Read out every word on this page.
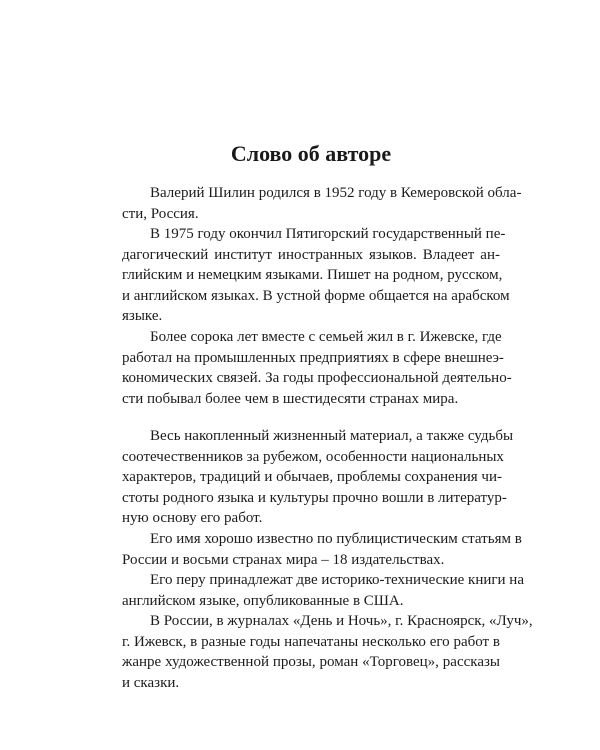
Слово об авторе

Валерий Шилин родился в 1952 году в Кемеровской обла-
сти, Россия.

В 1975 году окончил Пятигорский государственный пе-
дагогический институт иностранных языков. Владеет ан-
глийским и немецким языками. Пишет на родном, русском,
и английском языках. В устной форме общается на арабском
языке.

Более сорока лет вместе с семьей жил в г. Ижевске, где
работал на промышленных предприятиях в сфере внешнеэ-
кономических связей. За годы профессиональной деятельно-
сти побывал более чем в шестидесяти странах мира.

Весь накопленный жизненный материал, а также судьбы
соотечественников за рубежом, особенности национальных
характеров, традиций и обычаев, проблемы сохранения чи-
стоты родного языка и культуры прочно вошли в литератур-
ную основу его работ.

Его имя хорошо известно по публицистическим статьям в
России и восьми странах мира – 18 издательствах.

Его перу принадлежат две историко-технические книги на
английском языке, опубликованные в США.

В России, в журналах «День и Ночь», г. Красноярск, «Луч»,
г. Ижевск, в разные годы напечатаны несколько его работ в
жанре художественной прозы, роман «Торговец», рассказы
и сказки.
